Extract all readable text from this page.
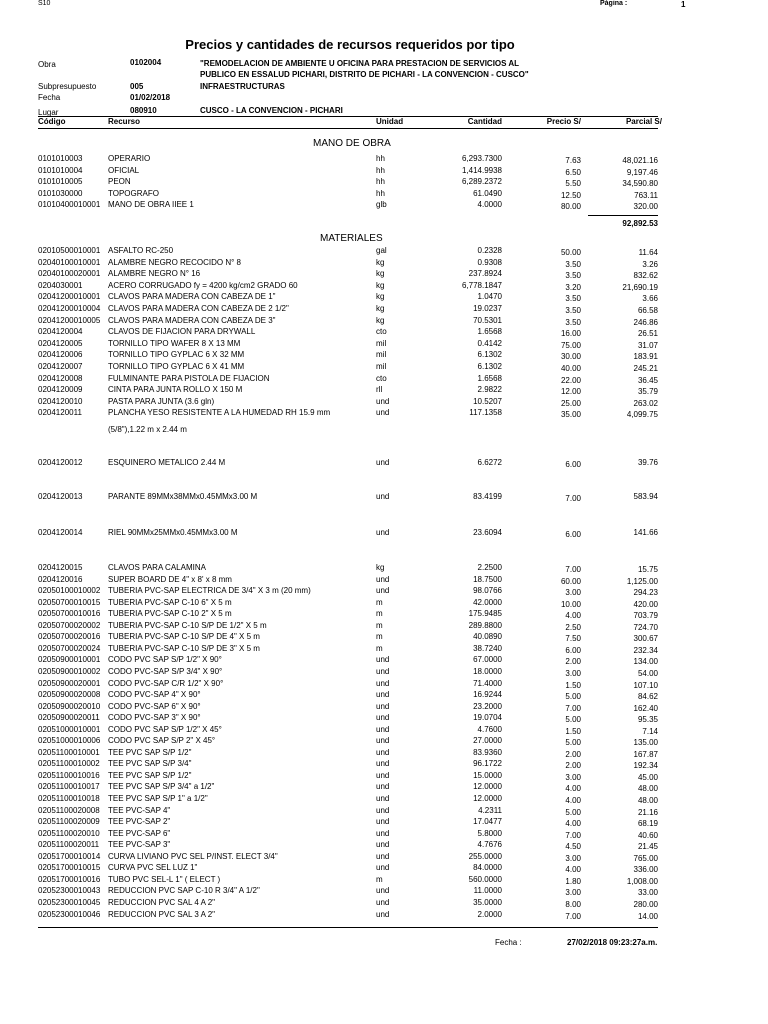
S10	Página :	1
Precios y cantidades de recursos requeridos por tipo
Obra	0102004	"REMODELACION DE AMBIENTE U OFICINA PARA PRESTACION DE SERVICIOS AL
PUBLICO EN ESSALUD PICHARI, DISTRITO DE PICHARI - LA CONVENCION - CUSCO"
Subpresupuesto	005	INFRAESTRUCTURAS
Fecha	01/02/2018
Lugar	080910	CUSCO - LA CONVENCION - PICHARI
Código	Recurso	Unidad	Cantidad	Precio S/	Parcial S/
MANO DE OBRA
0101010003	OPERARIO	hh	6,293.7300	7.63	48,021.16
0101010004	OFICIAL	hh	1,414.9938	6.50	9,197.46
0101010005	PEON	hh	6,289.2372	5.50	34,590.80
0101030000	TOPOGRAFO	hh	61.0490	12.50	763.11
01010400010001 MANO DE OBRA IIEE 1	glb	4.0000	80.00	320.00
92,892.53
MATERIALES
02010500010001 ASFALTO RC-250	gal	0.2328	50.00	11.64
02040100010001 ALAMBRE NEGRO RECOCIDO N° 8	kg	0.9308	3.50	3.26
02040100020001 ALAMBRE NEGRO N° 16	kg	237.8924	3.50	832.62
0204030001	ACERO CORRUGADO fy = 4200 kg/cm2 GRADO 60	kg	6,778.1847	3.20	21,690.19
02041200010001 CLAVOS PARA MADERA CON CABEZA DE 1"	kg	1.0470	3.50	3.66
02041200010004 CLAVOS PARA MADERA CON CABEZA DE 2 1/2"	kg	19.0237	3.50	66.58
02041200010005 CLAVOS PARA MADERA CON CABEZA DE 3"	kg	70.5301	3.50	246.86
0204120004	CLAVOS DE FIJACION PARA DRYWALL	cto	1.6568	16.00	26.51
0204120005	TORNILLO TIPO WAFER 8 X 13 MM	mil	0.4142	75.00	31.07
0204120006	TORNILLO TIPO GYPLAC 6 X 32 MM	mil	6.1302	30.00	183.91
0204120007	TORNILLO TIPO GYPLAC 6 X 41 MM	mil	6.1302	40.00	245.21
0204120008	FULMINANTE PARA PISTOLA DE FIJACION	cto	1.6568	22.00	36.45
0204120009	CINTA PARA JUNTA ROLLO X 150 M	rll	2.9822	12.00	35.79
0204120010	PASTA PARA JUNTA (3.6 gln)	und	10.5207	25.00	263.02
0204120011	PLANCHA YESO RESISTENTE A LA HUMEDAD RH 15.9 mm	und	117.1358	35.00	4,099.75
(5/8"),1.22 m x 2.44 m
0204120012	ESQUINERO METALICO 2.44 M	und	6.6272	6.00	39.76
0204120013	PARANTE 89MMx38MMx0.45MMx3.00 M	und	83.4199	7.00	583.94
0204120014	RIEL 90MMx25MMx0.45MMx3.00 M	und	23.6094	6.00	141.66
0204120015	CLAVOS PARA CALAMINA	kg	2.2500	7.00	15.75
0204120016	SUPER BOARD DE 4" x 8' x 8 mm	und	18.7500	60.00	1,125.00
02050100010002 TUBERIA PVC-SAP ELECTRICA DE 3/4" X 3 m (20 mm)	und	98.0766	3.00	294.23
02050700010015 TUBERIA PVC-SAP C-10 6" X 5 m	m	42.0000	10.00	420.00
02050700010016 TUBERIA PVC-SAP C-10 2" X 5 m	m	175.9485	4.00	703.79
02050700020002 TUBERIA PVC-SAP C-10 S/P DE 1/2" X 5 m	m	289.8800	2.50	724.70
02050700020016 TUBERIA PVC-SAP C-10 S/P DE 4" X 5 m	m	40.0890	7.50	300.67
02050700020024 TUBERIA PVC-SAP C-10 S/P DE 3" X 5 m	m	38.7240	6.00	232.34
02050900010001 CODO PVC SAP S/P 1/2" X 90°	und	67.0000	2.00	134.00
02050900010002 CODO PVC-SAP S/P 3/4" X 90°	und	18.0000	3.00	54.00
02050900020001 CODO PVC-SAP C/R 1/2" X 90°	und	71.4000	1.50	107.10
02050900020008 CODO PVC-SAP 4" X 90°	und	16.9244	5.00	84.62
02050900020010 CODO PVC-SAP 6" X 90°	und	23.2000	7.00	162.40
02050900020011 CODO PVC-SAP 3" X 90°	und	19.0704	5.00	95.35
02051000010001 CODO PVC SAP S/P 1/2" X 45°	und	4.7600	1.50	7.14
02051000010006 CODO PVC SAP S/P 2" X 45°	und	27.0000	5.00	135.00
02051100010001 TEE PVC SAP S/P 1/2"	und	83.9360	2.00	167.87
02051100010002 TEE PVC SAP S/P 3/4"	und	96.1722	2.00	192.34
02051100010016 TEE PVC SAP S/P 1/2"	und	15.0000	3.00	45.00
02051100010017 TEE PVC SAP S/P 3/4" a 1/2"	und	12.0000	4.00	48.00
02051100010018 TEE PVC SAP S/P 1" a 1/2"	und	12.0000	4.00	48.00
02051100020008 TEE PVC-SAP 4"	und	4.2311	5.00	21.16
02051100020009 TEE PVC-SAP 2"	und	17.0477	4.00	68.19
02051100020010 TEE PVC-SAP 6"	und	5.8000	7.00	40.60
02051100020011 TEE PVC-SAP 3"	und	4.7676	4.50	21.45
02051700010014 CURVA LIVIANO PVC SEL P/INST. ELECT 3/4"	und	255.0000	3.00	765.00
02051700010015 CURVA PVC SEL LUZ 1"	und	84.0000	4.00	336.00
02051700010016 TUBO PVC SEL-L 1" ( ELECT )	m	560.0000	1.80	1,008.00
02052300010043 REDUCCION PVC SAP C-10 R 3/4" A 1/2"	und	11.0000	3.00	33.00
02052300010045 REDUCCION PVC SAL 4 A 2"	und	35.0000	8.00	280.00
02052300010046 REDUCCION PVC SAL 3 A 2"	und	2.0000	7.00	14.00
Fecha :	27/02/2018 09:23:27a.m.
